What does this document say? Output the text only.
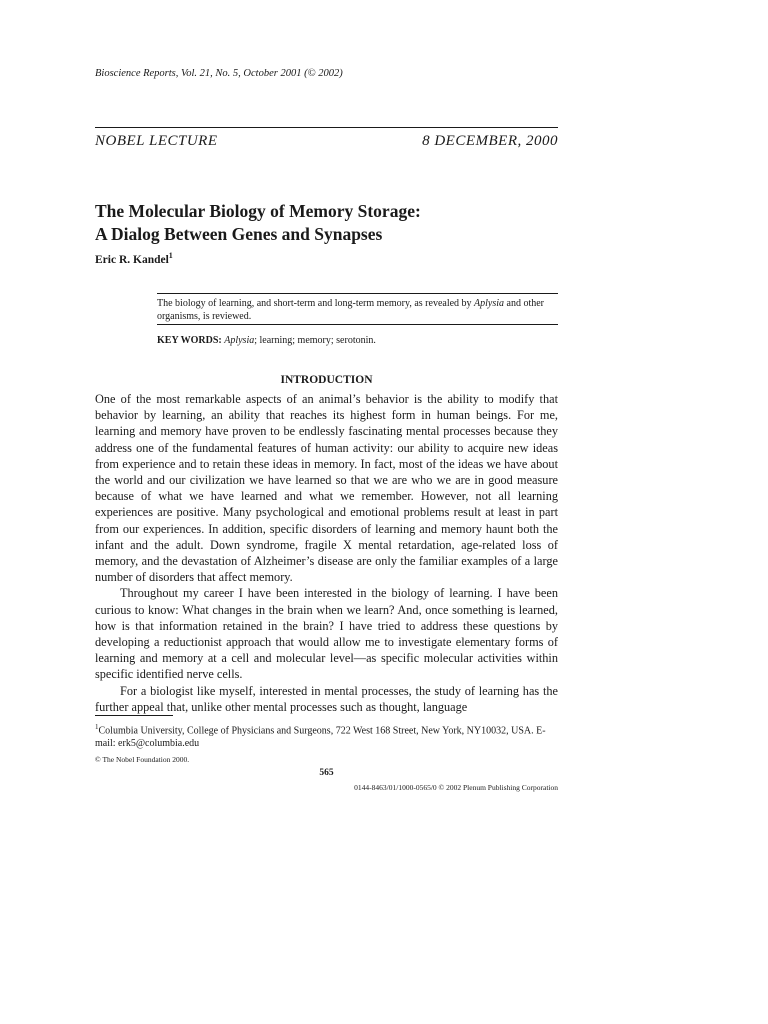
Bioscience Reports, Vol. 21, No. 5, October 2001 (© 2002)
NOBEL LECTURE	8 DECEMBER, 2000
The Molecular Biology of Memory Storage:
A Dialog Between Genes and Synapses
Eric R. Kandel$^1$
The biology of learning, and short-term and long-term memory, as revealed by Aplysia and other organisms, is reviewed.
KEY WORDS: Aplysia; learning; memory; serotonin.
INTRODUCTION

One of the most remarkable aspects of an animal’s behavior is the ability to modify that behavior by learning, an ability that reaches its highest form in human beings. For me, learning and memory have proven to be endlessly fascinating mental processes because they address one of the fundamental features of human activity: our ability to acquire new ideas from experience and to retain these ideas in memory. In fact, most of the ideas we have about the world and our civilization we have learned so that we are who we are in good measure because of what we have learned and what we remember. However, not all learning experiences are positive. Many psychological and emotional problems result at least in part from our experiences. In addition, specific disorders of learning and memory haunt both the infant and the adult. Down syndrome, fragile X mental retardation, age-related loss of memory, and the devastation of Alzheimer’s disease are only the familiar examples of a large number of disorders that affect memory.

Throughout my career I have been interested in the biology of learning. I have been curious to know: What changes in the brain when we learn? And, once something is learned, how is that information retained in the brain? I have tried to address these questions by developing a reductionist approach that would allow me to investigate elementary forms of learning and memory at a cell and molecular level—as specific molecular activities within specific identified nerve cells.

For a biologist like myself, interested in mental processes, the study of learning has the further appeal that, unlike other mental processes such as thought, language

$^1$Columbia University, College of Physicians and Surgeons, 722 West 168 Street, New York, NY10032, USA. E-mail: erk5@columbia.edu
© The Nobel Foundation 2000.
565
0144-8463/01/1000-0565/0 © 2002 Plenum Publishing Corporation
